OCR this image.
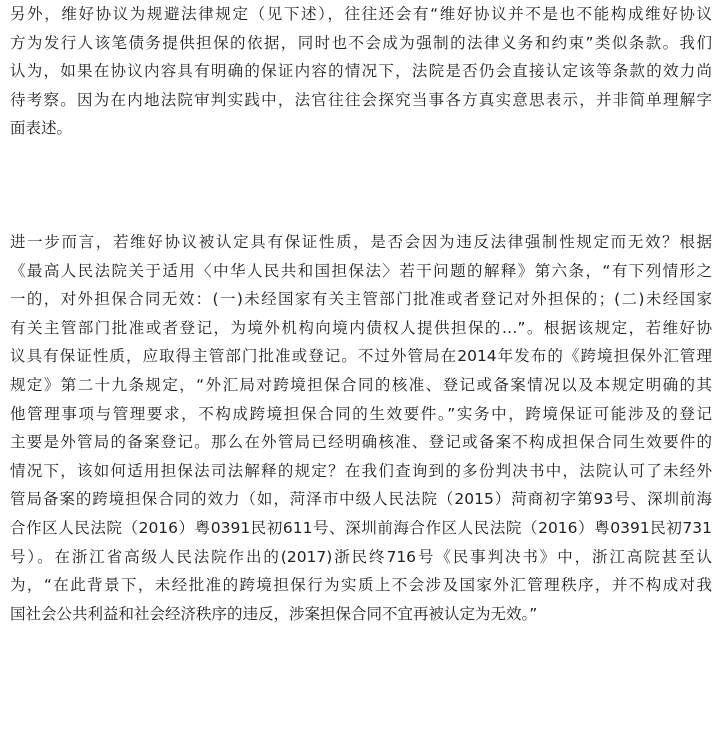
另外，维好协议为规避法律规定（见下述），往往还会有“维好协议并不是也不能构成维好协议
方为发行人该笔债务提供担保的依据，同时也不会成为强制的法律义务和约束”类似条款。我们
认为，如果在协议内容具有明确的保证内容的情况下，法院是否仍会直接认定该等条款的效力尚
待考察。因为在内地法院审判实践中，法官往往会探究当事各方真实意思表示，并非简单理解字
面表述。
进一步而言，若维好协议被认定具有保证性质，是否会因为违反法律强制性规定而无效？根据
《最高人民法院关于适用〈中华人民共和国担保法〉若干问题的解释》第六条，“有下列情形之
一的，对外担保合同无效：(一)未经国家有关主管部门批准或者登记对外担保的；(二)未经国家
有关主管部门批准或者登记，为境外机构向境内债权人提供担保的…”。根据该规定，若维好协
议具有保证性质，应取得主管部门批准或登记。不过外管局在2014年发布的《跨境担保外汇管理
规定》第二十九条规定，“外汇局对跨境担保合同的核准、登记或备案情况以及本规定明确的其
他管理事项与管理要求，不构成跨境担保合同的生效要件。”实务中，跨境保证可能涉及的登记
主要是外管局的备案登记。那么在外管局已经明确核准、登记或备案不构成担保合同生效要件的
情况下，该如何适用担保法司法解释的规定？在我们查询到的多份判决书中，法院认可了未经外
管局备案的跨境担保合同的效力（如，菏泽市中级人民法院（2015）菏商初字第93号、深圳前海
合作区人民法院（2016）粤0391民初611号、深圳前海合作区人民法院（2016）粤0391民初731
号）。在浙江省高级人民法院作出的(2017)浙民终716号《民事判决书》中，浙江高院甚至认
为，“在此背景下，未经批准的跨境担保行为实质上不会涉及国家外汇管理秩序，并不构成对我
国社会公共利益和社会经济秩序的违反，涉案担保合同不宜再被认定为无效。”
